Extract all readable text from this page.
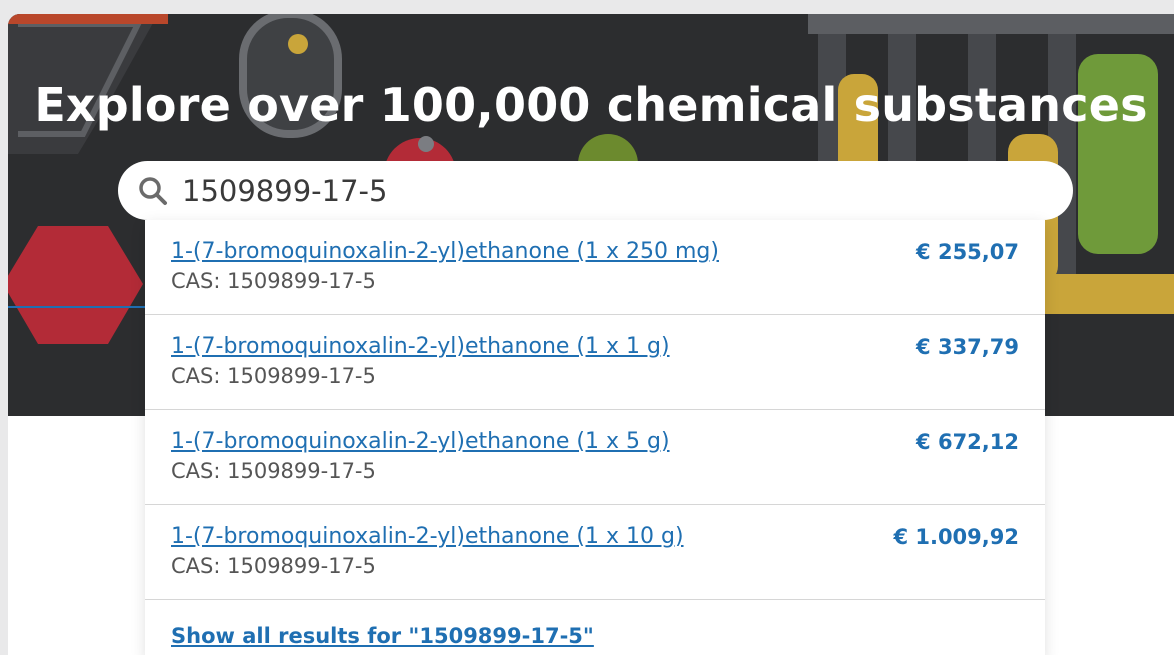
Explore over 100,000 chemical substances
1509899-17-5
1-(7-bromoquinoxalin-2-yl)ethanone (1 x 250 mg)
CAS: 1509899-17-5
€ 255,07
1-(7-bromoquinoxalin-2-yl)ethanone (1 x 1 g)
CAS: 1509899-17-5
€ 337,79
1-(7-bromoquinoxalin-2-yl)ethanone (1 x 5 g)
CAS: 1509899-17-5
€ 672,12
1-(7-bromoquinoxalin-2-yl)ethanone (1 x 10 g)
CAS: 1509899-17-5
€ 1.009,92
Show all results for "1509899-17-5"
